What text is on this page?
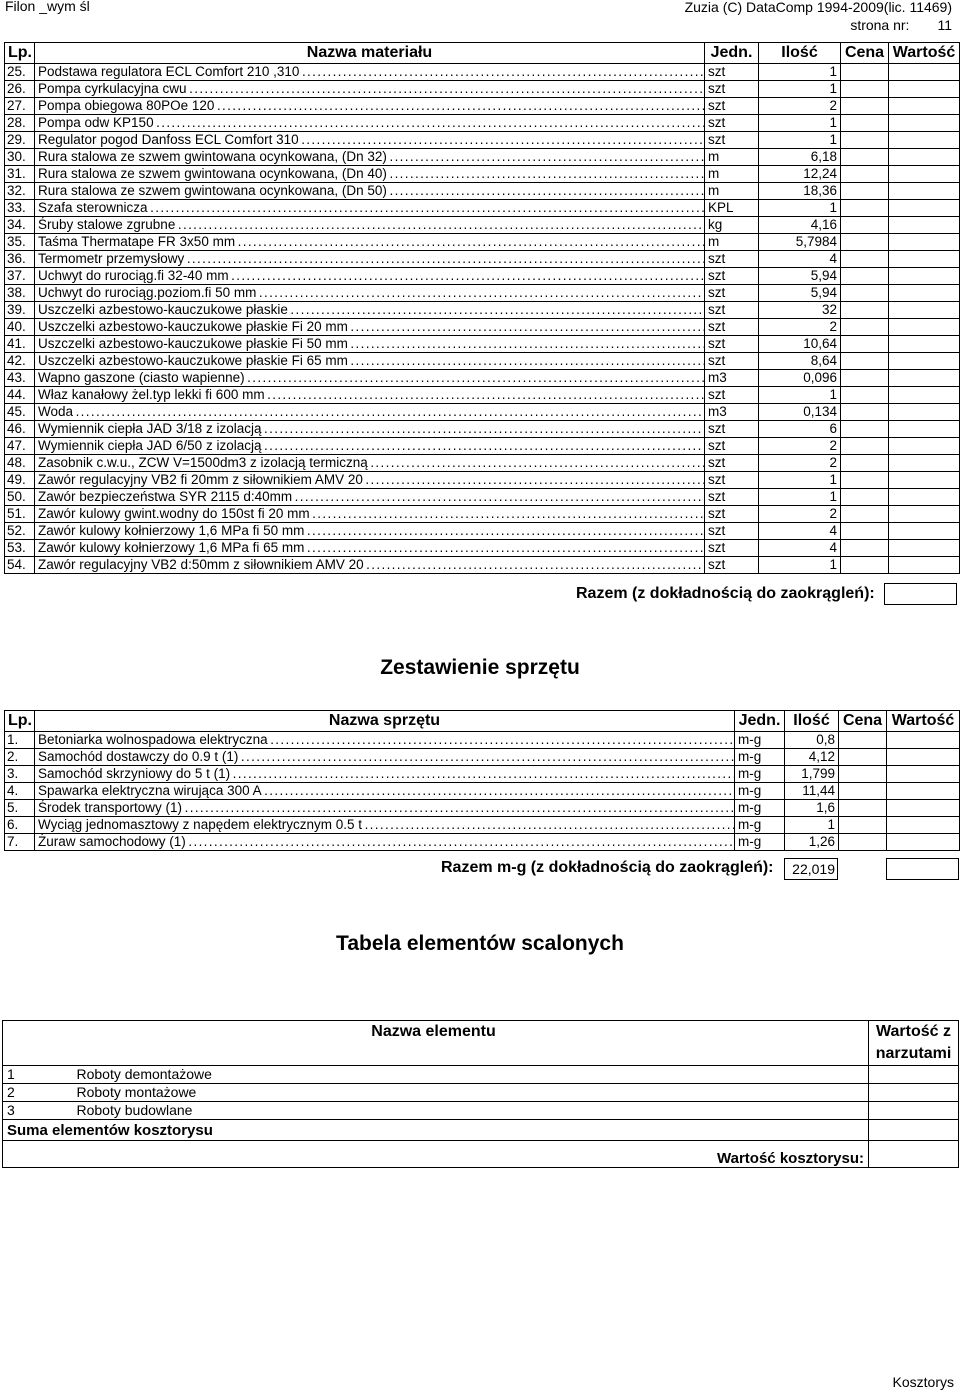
Filon _wym śl	Zuzia (C) DataComp 1994-2009(lic. 11469)
strona nr: 11
Lp.	Nazwa materiału	Jedn.	Ilość	Cena	Wartość
25.	Podstawa regulatora ECL Comfort 210 ,310 . . .	szt	1		
26.	Pompa cyrkulacyjna cwu . . .	szt	1		
27.	Pompa obiegowa 80POe 120 . . .	szt	2		
28.	Pompa odw KP150 . . .	szt	1		
29.	Regulator pogod Danfoss ECL Comfort 310 . . .	szt	1		
30.	Rura stalowa ze szwem gwintowana ocynkowana, (Dn 32) . . .	m	6,18		
31.	Rura stalowa ze szwem gwintowana ocynkowana, (Dn 40) . . .	m	12,24		
32.	Rura stalowa ze szwem gwintowana ocynkowana, (Dn 50) . . .	m	18,36		
33.	Szafa sterownicza . . .	KPL	1		
34.	Śruby stalowe zgrubne . . .	kg	4,16		
35.	Taśma Thermatape FR 3x50 mm . . .	m	5,7984		
36.	Termometr przemysłowy . . .	szt	4		
37.	Uchwyt do rurociąg.fi 32-40 mm . . .	szt	5,94		
38.	Uchwyt do rurociąg.poziom.fi 50 mm . . .	szt	5,94		
39.	Uszczelki azbestowo-kauczukowe płaskie . . .	szt	32		
40.	Uszczelki azbestowo-kauczukowe płaskie Fi 20 mm . . .	szt	2		
41.	Uszczelki azbestowo-kauczukowe płaskie Fi 50 mm . . .	szt	10,64		
42.	Uszczelki azbestowo-kauczukowe płaskie Fi 65 mm . . .	szt	8,64		
43.	Wapno gaszone (ciasto wapienne) . . .	m3	0,096		
44.	Właz kanałowy żel.typ lekki fi 600 mm . . .	szt	1		
45.	Woda . . .	m3	0,134		
46.	Wymiennik ciepła JAD 3/18 z izolacją . . .	szt	6		
47.	Wymiennik ciepła JAD 6/50 z izolacją . . .	szt	2		
48.	Zasobnik c.w.u., ZCW V=1500dm3 z izolacją termiczną . . .	szt	2		
49.	Zawór regulacyjny VB2 fi 20mm z siłownikiem AMV 20 . . .	szt	1		
50.	Zawór bezpieczeństwa SYR 2115 d:40mm . . .	szt	1		
51.	Zawór kulowy gwint.wodny do 150st fi 20 mm . . .	szt	2		
52.	Zawór kulowy kołnierzowy 1,6 MPa fi 50 mm . . .	szt	4		
53.	Zawór kulowy kołnierzowy 1,6 MPa fi 65 mm . . .	szt	4		
54.	Zawór regulacyjny VB2 d:50mm z siłownikiem AMV 20 . . .	szt	1		
Razem (z dokładnością do zaokrągleń):
Zestawienie sprzętu
Lp.	Nazwa sprzętu	Jedn.	Ilość	Cena	Wartość
1.	Betoniarka wolnospadowa elektryczna . . .	m-g	0,8		
2.	Samochód dostawczy do 0.9 t (1) . . .	m-g	4,12		
3.	Samochód skrzyniowy do 5 t (1) . . .	m-g	1,799		
4.	Spawarka elektryczna wirująca 300 A . . .	m-g	11,44		
5.	Środek transportowy (1) . . .	m-g	1,6		
6.	Wyciąg jednomasztowy z napędem elektrycznym 0.5 t . . .	m-g	1		
7.	Żuraw samochodowy (1) . . .	m-g	1,26		
Razem m-g (z dokładnością do zaokrągleń):	22,019
Tabela elementów scalonych
Nazwa elementu		Wartość z
narzutami

1	Roboty demontażowe	
2	Roboty montażowe	
3	Roboty budowlane	
Suma elementów kosztorysu		
Wartość kosztorysu:		
Kosztorys
